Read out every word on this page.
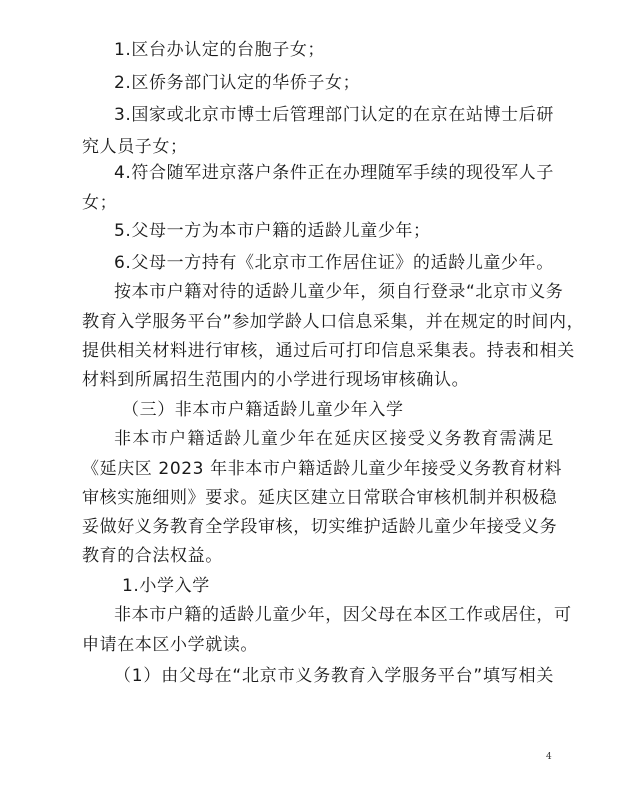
1.区台办认定的台胞子女；
2.区侨务部门认定的华侨子女；
3.国家或北京市博士后管理部门认定的在京在站博士后研
究人员子女；
4.符合随军进京落户条件正在办理随军手续的现役军人子
女；
5.父母一方为本市户籍的适龄儿童少年；
6.父母一方持有《北京市工作居住证》的适龄儿童少年。
按本市户籍对待的适龄儿童少年，须自行登录“北京市义务
教育入学服务平台”参加学龄人口信息采集，并在规定的时间内，
提供相关材料进行审核，通过后可打印信息采集表。持表和相关
材料到所属招生范围内的小学进行现场审核确认。
（三）非本市户籍适龄儿童少年入学
非本市户籍适龄儿童少年在延庆区接受义务教育需满足
《延庆区 2023 年非本市户籍适龄儿童少年接受义务教育材料
审核实施细则》要求。延庆区建立日常联合审核机制并积极稳
妥做好义务教育全学段审核，切实维护适龄儿童少年接受义务
教育的合法权益。
1.小学入学
非本市户籍的适龄儿童少年，因父母在本区工作或居住，可
申请在本区小学就读。
（1）由父母在“北京市义务教育入学服务平台”填写相关
4
